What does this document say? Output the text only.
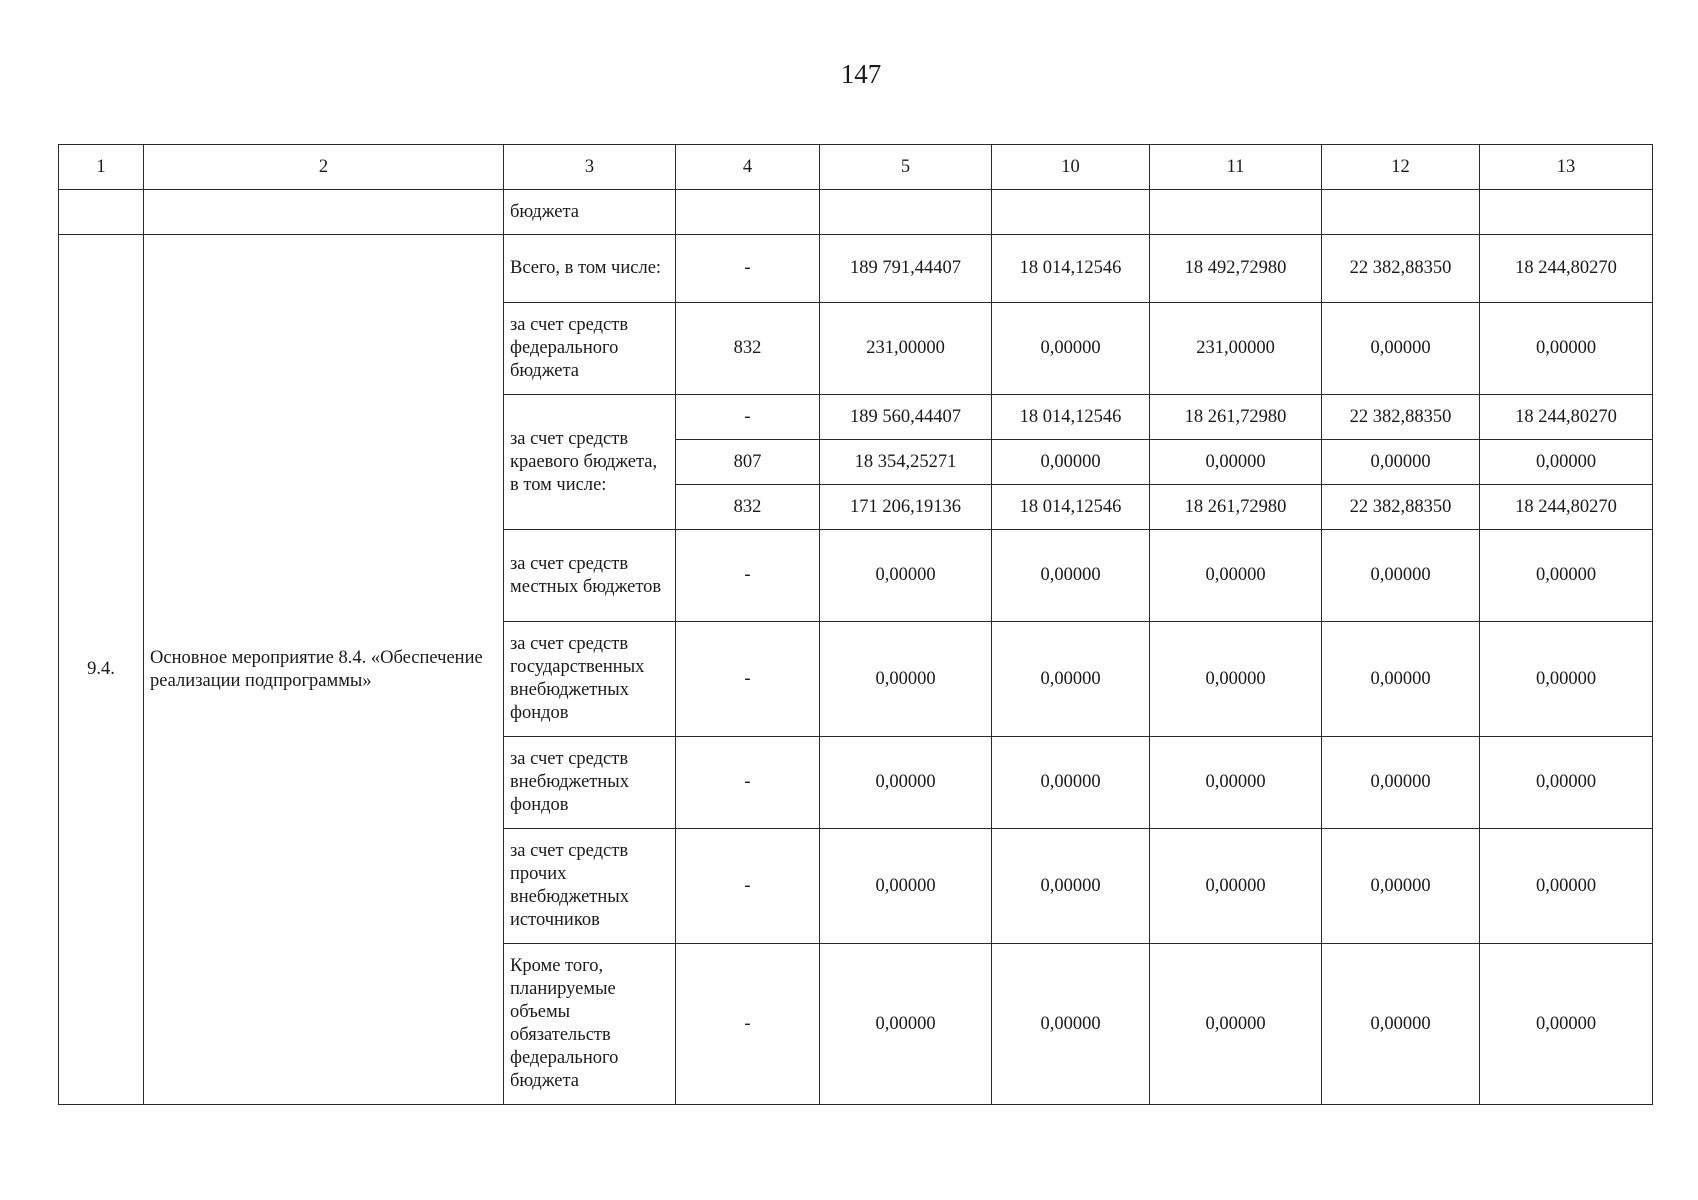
147
1	2	3	4	5	10	11	12	13
		бюджета						
9.4.	Основное мероприятие 8.4. «Обеспечение реализации подпрограммы»	Всего, в том числе:	-	189 791,44407	18 014,12546	18 492,72980	22 382,88350	18 244,80270
		за счет средств федерального бюджета	832	231,00000	0,00000	231,00000	0,00000	0,00000
		за счет средств краевого бюджета, в том числе:	-	189 560,44407	18 014,12546	18 261,72980	22 382,88350	18 244,80270
			807	18 354,25271	0,00000	0,00000	0,00000	0,00000
			832	171 206,19136	18 014,12546	18 261,72980	22 382,88350	18 244,80270
		за счет средств местных бюджетов	-	0,00000	0,00000	0,00000	0,00000	0,00000
		за счет средств государственных внебюджетных фондов	-	0,00000	0,00000	0,00000	0,00000	0,00000
		за счет средств внебюджетных фондов	-	0,00000	0,00000	0,00000	0,00000	0,00000
		за счет средств прочих внебюджетных источников	-	0,00000	0,00000	0,00000	0,00000	0,00000
		Кроме того, планируемые объемы обязательств федерального бюджета	-	0,00000	0,00000	0,00000	0,00000	0,00000
